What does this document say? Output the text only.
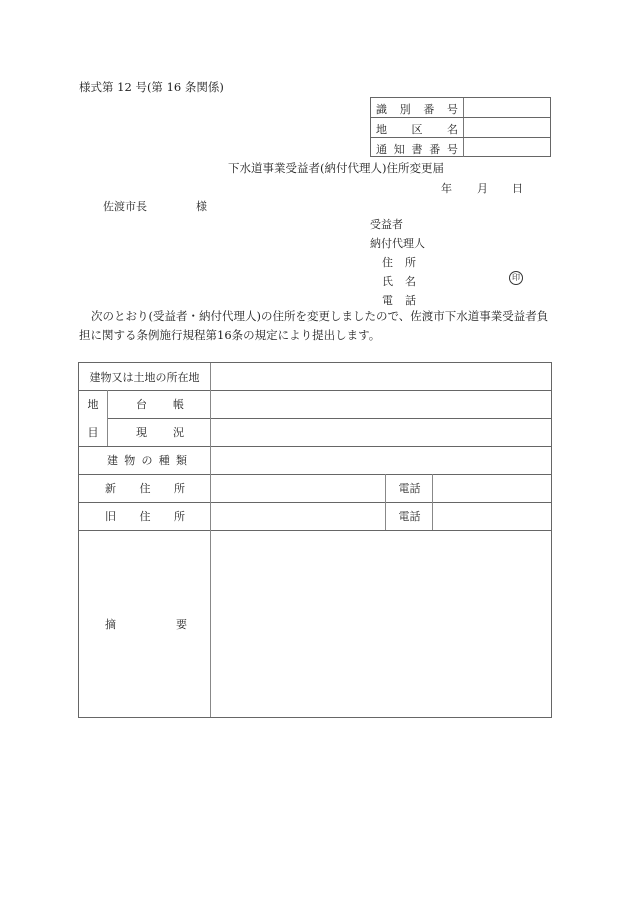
様式第 12 号(第 16 条関係)
識 別 番 号
地 区 名
通 知 書 番 号
下水道事業受益者(納付代理人)住所変更届
年 月 日
佐渡市長	様
受益者
納付代理人
住 所
氏 名
電 話
印
次のとおり(受益者・納付代理人)の住所を変更しましたので、佐渡市下水道事業受益者負担に関する条例施行規程第16条の規定により提出します。
建物又は土地の所在地
地
目
台 帳
現 況
建 物 の 種 類
新 住 所	電話
旧 住 所	電話
摘	要
